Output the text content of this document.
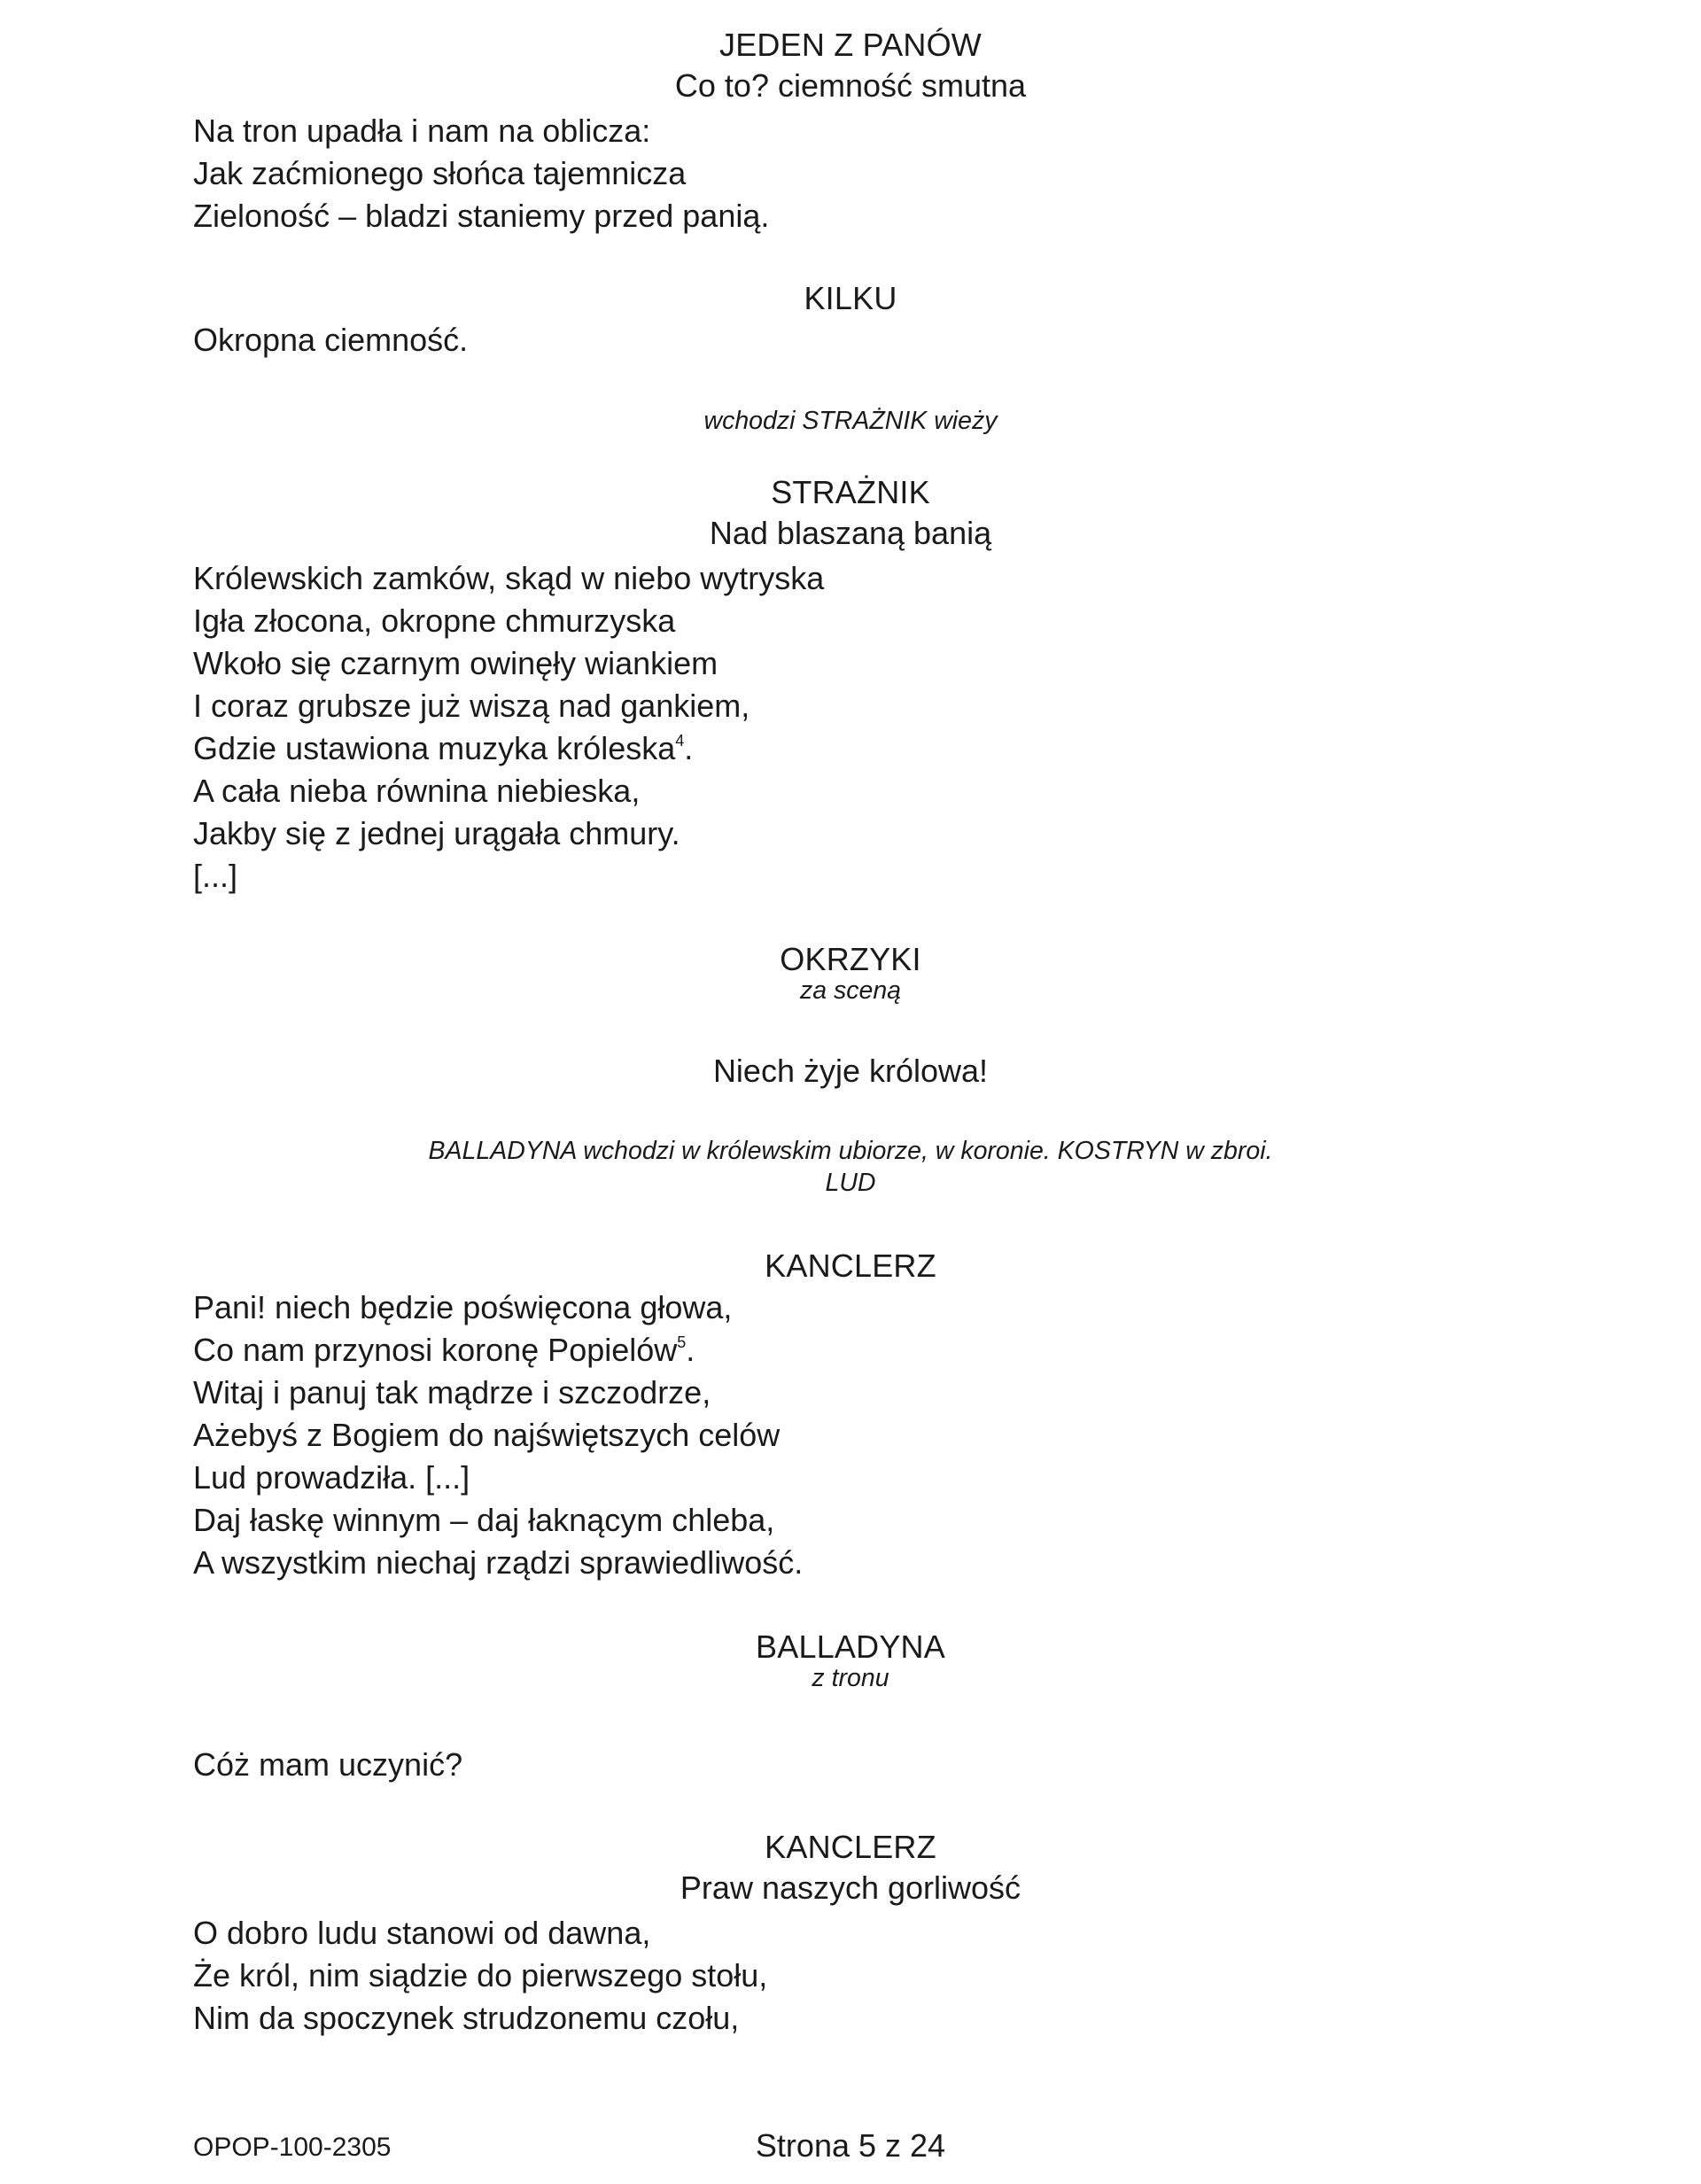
JEDEN Z PANÓW
Co to? ciemność smutna
Na tron upadła i nam na oblicza:
Jak zaćmionego słońca tajemnicza
Zieloność – bladzi staniemy przed panią.
KILKU
Okropna ciemność.
wchodzi STRAŻNIK wieży
STRAŻNIK
Nad blaszaną banią
Królewskich zamków, skąd w niebo wytryska
Igła złocona, okropne chmurzyska
Wkoło się czarnym owinęły wiankiem
I coraz grubsze już wiszą nad gankiem,
Gdzie ustawiona muzyka króleska$^4$.
A cała nieba równina niebieska,
Jakby się z jednej urągała chmury.
[...]
OKRZYKI
za sceną
Niech żyje królowa!
BALLADYNA wchodzi w królewskim ubiorze, w koronie. KOSTRYN w zbroi.
LUD
KANCLERZ
Pani! niech będzie poświęcona głowa,
Co nam przynosi koronę Popielów$^5$.
Witaj i panuj tak mądrze i szczodrze,
Ażebyś z Bogiem do najświętszych celów
Lud prowadziła. [...]
Daj łaskę winnym – daj łaknącym chleba,
A wszystkim niechaj rządzi sprawiedliwość.
BALLADYNA
z tronu
Cóż mam uczynić?
KANCLERZ
Praw naszych gorliwość
O dobro ludu stanowi od dawna,
Że król, nim siądzie do pierwszego stołu,
Nim da spoczynek strudzonemu czołu,
OPOP-100-2305	Strona 5 z 24
